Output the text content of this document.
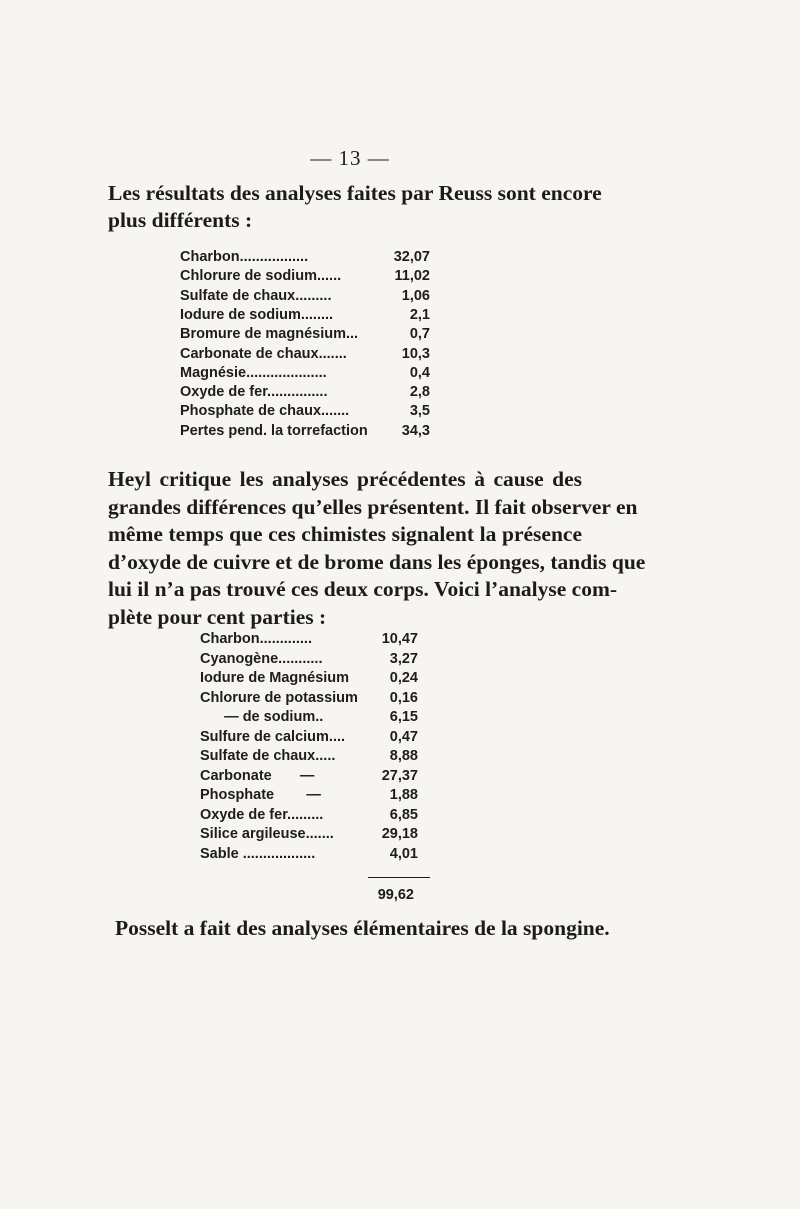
— 13 —
Les résultats des analyses faites par Reuss sont encore
plus différents :
Charbon.................	32,07
Chlorure de sodium......	11,02
Sulfate de chaux.........	1,06
Iodure de sodium........	2,1
Bromure de magnésium...	0,7
Carbonate de chaux.......	10,3
Magnésie....................	0,4
Oxyde de fer...............	2,8
Phosphate de chaux.......	3,5
Pertes pend. la torrefaction 34,3
Heyl critique les analyses précédentes à cause des
grandes différences qu’elles présentent. Il fait observer en
même temps que ces chimistes signalent la présence
d’oxyde de cuivre et de brome dans les éponges, tandis que
lui il n’a pas trouvé ces deux corps. Voici l’analyse com-
plète pour cent parties :
Charbon.............	10,47
Cyanogène...........	3,27
Iodure de Magnésium	0,24
Chlorure de potassium 0,16
— de sodium..	6,15
Sulfure de calcium....	0,47
Sulfate de chaux.....	8,88
Carbonate       —	27,37
Phosphate        —	1,88
Oxyde de fer.........	6,85
Silice argileuse.......	29,18
Sable ..................	4,01
99,62
Posselt a fait des analyses élémentaires de la spongine.
